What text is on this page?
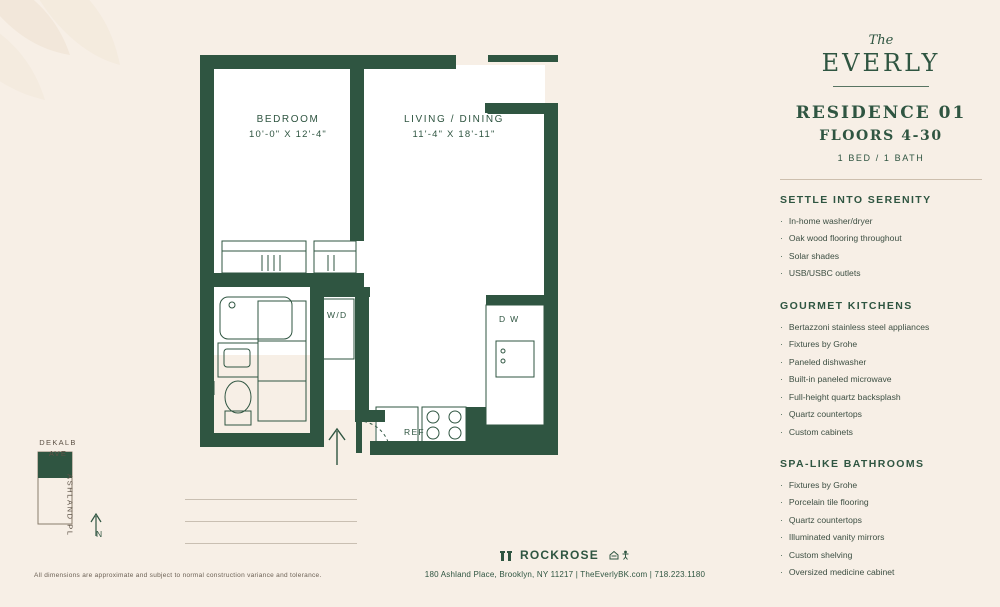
BEDROOM
10'-0" X 12'-4"
LIVING / DINING
11'-4" X 18'-11"
W/D	D W
REF
DEKALB AVE
ASHLAND PL	N
All dimensions are approximate and subject to normal construction variance and tolerance.
ROCKROSE
180 Ashland Place, Brooklyn, NY 11217 | TheEverlyBK.com | 718.223.1180
The
EVERLY
RESIDENCE 01
FLOORS 4-30
1 BED / 1 BATH
SETTLE INTO SERENITY
· In-home washer/dryer
· Oak wood flooring throughout
· Solar shades
· USB/USBC outlets
GOURMET KITCHENS
· Bertazzoni stainless steel appliances
· Fixtures by Grohe
· Paneled dishwasher
· Built-in paneled microwave
· Full-height quartz backsplash
· Quartz countertops
· Custom cabinets
SPA-LIKE BATHROOMS
· Fixtures by Grohe
· Porcelain tile flooring
· Quartz countertops
· Illuminated vanity mirrors
· Custom shelving
· Oversized medicine cabinet
